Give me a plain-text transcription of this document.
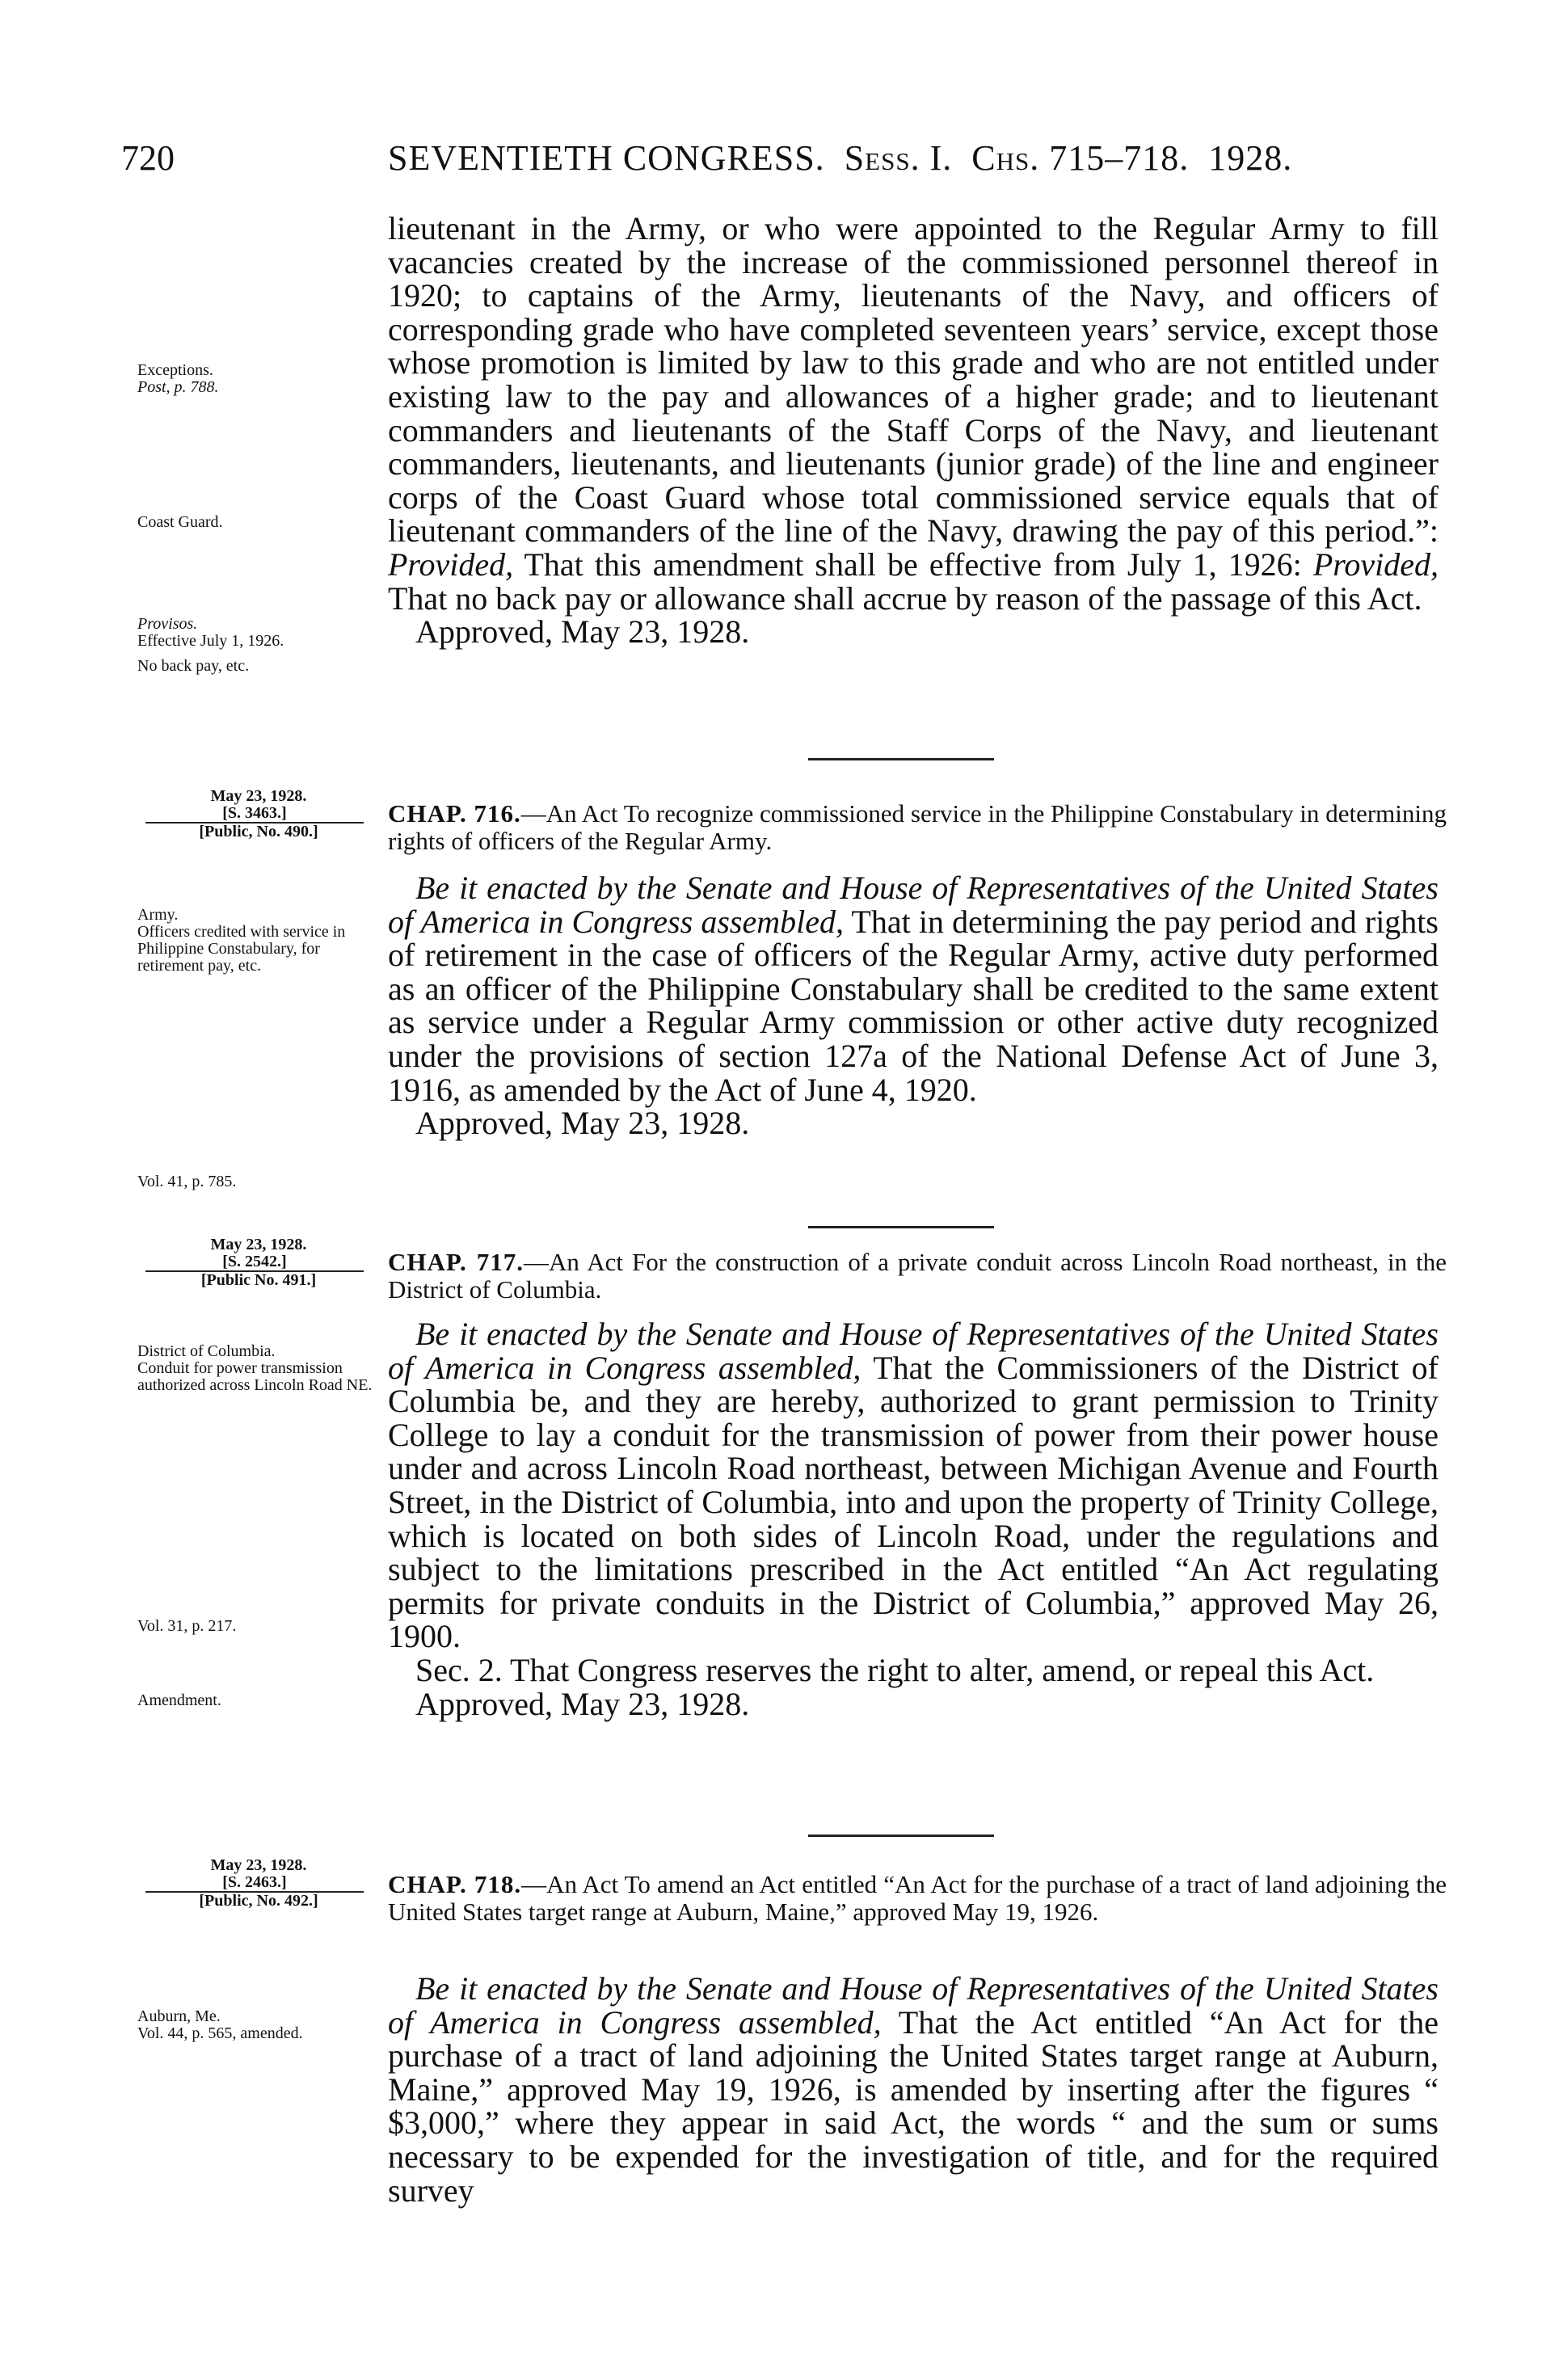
720	SEVENTIETH CONGRESS. Sess. I. Chs. 715–718. 1928.
Exceptions.
Post, p. 788.
Coast Guard.
Provisos.
Effective July 1, 1926.
No back pay, etc.

lieutenant in the Army, or who were appointed to the Regular Army to fill vacancies created by the increase of the commissioned personnel thereof in 1920; to captains of the Army, lieutenants of the Navy, and officers of corresponding grade who have completed seventeen years’ service, except those whose promotion is limited by law to this grade and who are not entitled under existing law to the pay and allowances of a higher grade; and to lieutenant commanders and lieutenants of the Staff Corps of the Navy, and lieutenant commanders, lieutenants, and lieutenants (junior grade) of the line and engineer corps of the Coast Guard whose total commissioned service equals that of lieutenant commanders of the line of the Navy, drawing the pay of this period.”: Provided, That this amendment shall be effective from July 1, 1926: Provided, That no back pay or allowance shall accrue by reason of the passage of this Act.

Approved, May 23, 1928.

May 23, 1928.
[S. 3463.]
[Public, No. 490.]
CHAP. 716.—An Act To recognize commissioned service in the Philippine Constabulary in determining rights of officers of the Regular Army.
Army.
Officers credited with service in Philippine Constabulary, for retirement pay, etc.
Vol. 41, p. 785.

Be it enacted by the Senate and House of Representatives of the United States of America in Congress assembled, That in determining the pay period and rights of retirement in the case of officers of the Regular Army, active duty performed as an officer of the Philippine Constabulary shall be credited to the same extent as service under a Regular Army commission or other active duty recognized under the provisions of section 127a of the National Defense Act of June 3, 1916, as amended by the Act of June 4, 1920.

Approved, May 23, 1928.

May 23, 1928.
[S. 2542.]
[Public No. 491.]
CHAP. 717.—An Act For the construction of a private conduit across Lincoln Road northeast, in the District of Columbia.
District of Columbia.
Conduit for power transmission authorized across Lincoln Road NE.
Vol. 31, p. 217.
Amendment.

Be it enacted by the Senate and House of Representatives of the United States of America in Congress assembled, That the Commissioners of the District of Columbia be, and they are hereby, authorized to grant permission to Trinity College to lay a conduit for the transmission of power from their power house under and across Lincoln Road northeast, between Michigan Avenue and Fourth Street, in the District of Columbia, into and upon the property of Trinity College, which is located on both sides of Lincoln Road, under the regulations and subject to the limitations prescribed in the Act entitled “An Act regulating permits for private conduits in the District of Columbia,” approved May 26, 1900.

Sec. 2. That Congress reserves the right to alter, amend, or repeal this Act.

Approved, May 23, 1928.

May 23, 1928.
[S. 2463.]
[Public, No. 492.]
CHAP. 718.—An Act To amend an Act entitled “An Act for the purchase of a tract of land adjoining the United States target range at Auburn, Maine,” approved May 19, 1926.
Auburn, Me.
Vol. 44, p. 565, amended.

Be it enacted by the Senate and House of Representatives of the United States of America in Congress assembled, That the Act entitled “An Act for the purchase of a tract of land adjoining the United States target range at Auburn, Maine,” approved May 19, 1926, is amended by inserting after the figures “ $3,000,” where they appear in said Act, the words “ and the sum or sums necessary to be expended for the investigation of title, and for the required survey
